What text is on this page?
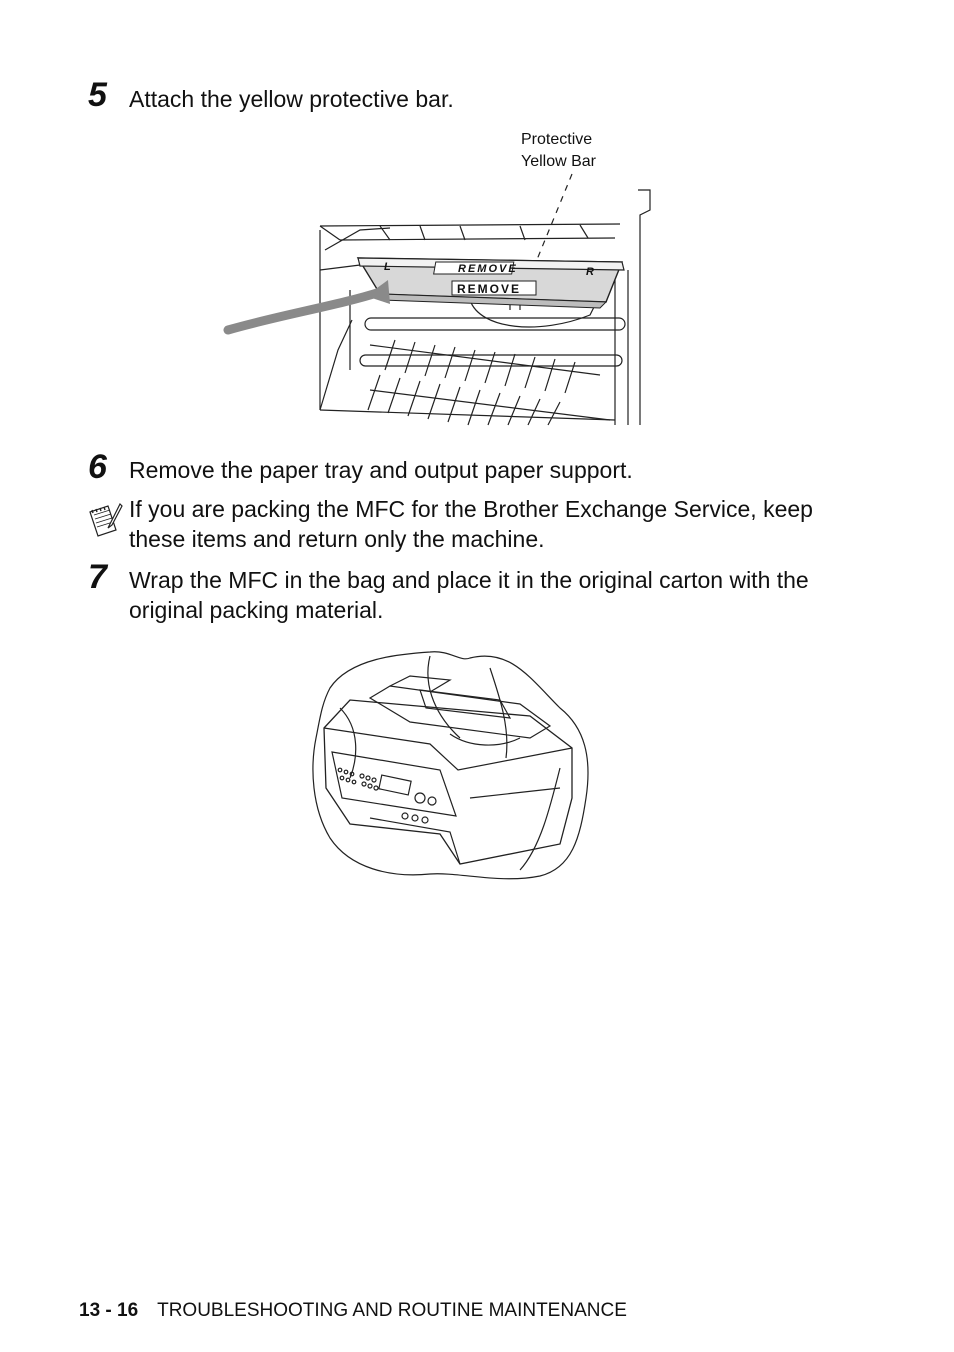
5 Attach the yellow protective bar.
Protective
Yellow Bar
REMOVE
REMOVE
L	R
6 Remove the paper tray and output paper support.
If you are packing the MFC for the Brother Exchange Service, keep these items and return only the machine.
7 Wrap the MFC in the bag and place it in the original carton with the original packing material.
13 - 16 TROUBLESHOOTING AND ROUTINE MAINTENANCE
